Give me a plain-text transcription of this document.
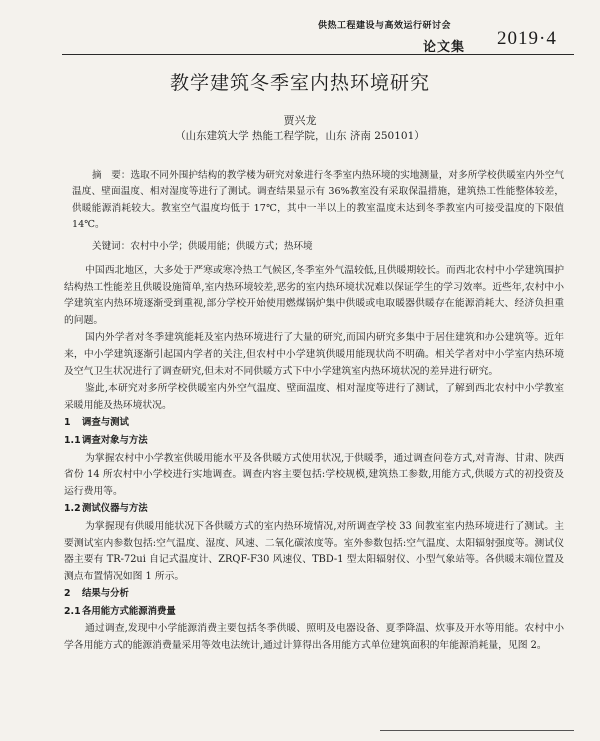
供热工程建设与高效运行研讨会
论文集 2019·4
教学建筑冬季室内热环境研究
贾兴龙
（山东建筑大学 热能工程学院，山东 济南 250101）
摘　要：选取不同外围护结构的教学楼为研究对象进行冬季室内热环境的实地测量，对多所学校供暖室内外空气温度、壁面温度、相对湿度等进行了测试。调查结果显示有 36%教室没有采取保温措施，建筑热工性能整体较差，供暖能源消耗较大。教室空气温度均低于 17℃，其中一半以上的教室温度未达到冬季教室内可接受温度的下限值 14℃。
关键词：农村中小学；供暖用能；供暖方式；热环境
中国西北地区，大多处于严寒或寒冷热工气候区,冬季室外气温较低,且供暖期较长。而西北农村中小学建筑围护结构热工性能差且供暖设施简单,室内热环境较差,恶劣的室内热环境状况难以保证学生的学习效率。近些年,农村中小学建筑室内热环境逐渐受到重视,部分学校开始使用燃煤锅炉集中供暖或电取暖器供暖存在能源消耗大、经济负担重的问题。
国内外学者对冬季建筑能耗及室内热环境进行了大量的研究,而国内研究多集中于居住建筑和办公建筑等。近年来，中小学建筑逐渐引起国内学者的关注,但农村中小学建筑供暖用能现状尚不明确。相关学者对中小学室内热环境及空气卫生状况进行了调查研究,但未对不同供暖方式下中小学建筑室内热环境状况的差异进行研究。
鉴此,本研究对多所学校供暖室内外空气温度、壁面温度、相对湿度等进行了测试，了解到西北农村中小学教室采暖用能及热环境状况。
1 调查与测试
1.1调查对象与方法
为掌握农村中小学教室供暖用能水平及各供暖方式使用状况,于供暖季，通过调查问卷方式,对青海、甘肃、陕西省份 14 所农村中小学校进行实地调查。调查内容主要包括:学校规模,建筑热工参数,用能方式,供暖方式的初投资及运行费用等。
1.2测试仪器与方法
为掌握现有供暖用能状况下各供暖方式的室内热环境情况,对所调查学校 33 间教室室内热环境进行了测试。主要测试室内参数包括:空气温度、湿度、风速、二氧化碳浓度等。室外参数包括:空气温度、太阳辐射强度等。测试仪器主要有 TR-72ui 自记式温度计、ZRQF-F30 风速仪、TBD-1 型太阳辐射仪、小型气象站等。各供暖末端位置及测点布置情况如图 1 所示。
2 结果与分析
2.1各用能方式能源消费量
通过调查,发现中小学能源消费主要包括冬季供暖、照明及电器设备、夏季降温、炊事及开水等用能。农村中小学各用能方式的能源消费量采用等效电法统计,通过计算得出各用能方式单位建筑面积的年能源消耗量，见图 2。
